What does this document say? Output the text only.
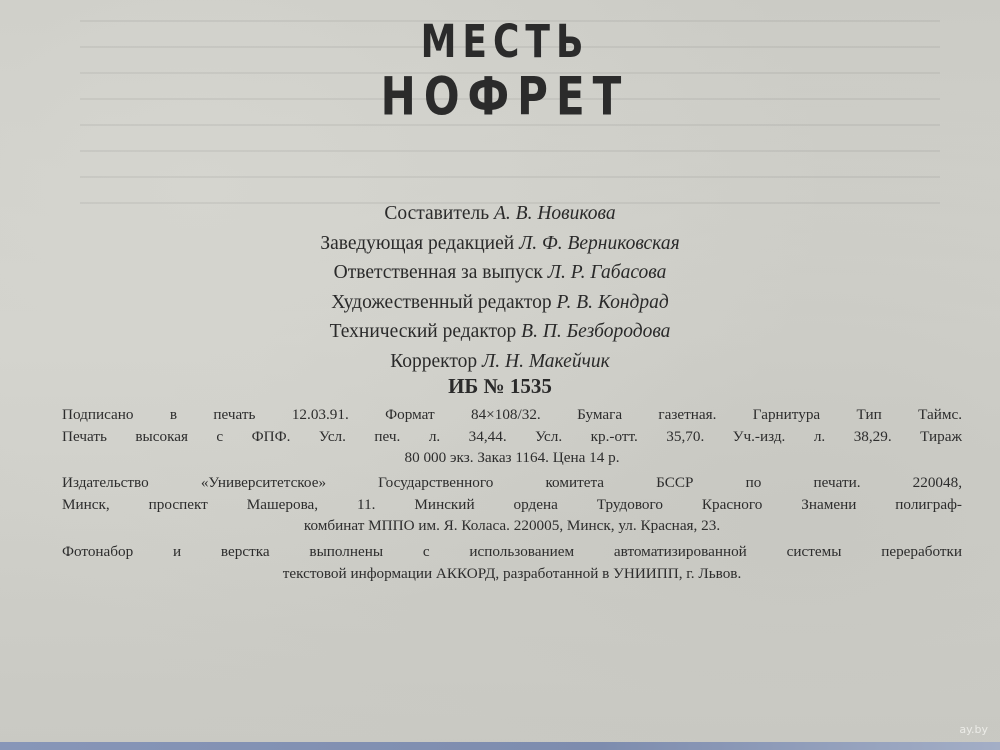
МЕСТЬ
НОФРЕТ
Составитель А. В. Новикова
Заведующая редакцией Л. Ф. Верниковская
Ответственная за выпуск Л. Р. Габасова
Художественный редактор Р. В. Кондрад
Технический редактор В. П. Безбородова
Корректор Л. Н. Макейчик
ИБ № 1535

Подписано в печать 12.03.91. Формат 84×108/32. Бумага газетная. Гарнитура Тип Таймс.

Печать высокая с ФПФ. Усл. печ. л. 34,44. Усл. кр.-отт. 35,70. Уч.-изд. л. 38,29. Тираж

80 000 экз. Заказ 1164. Цена 14 р.

Издательство «Университетское» Государственного комитета БССР по печати. 220048,

Минск, проспект Машерова, 11. Минский ордена Трудового Красного Знамени полиграф-

комбинат МППО им. Я. Коласа. 220005, Минск, ул. Красная, 23.

Фотонабор и верстка выполнены с использованием автоматизированной системы переработки

текстовой информации АККОРД, разработанной в УНИИПП, г. Львов.

ay.by
